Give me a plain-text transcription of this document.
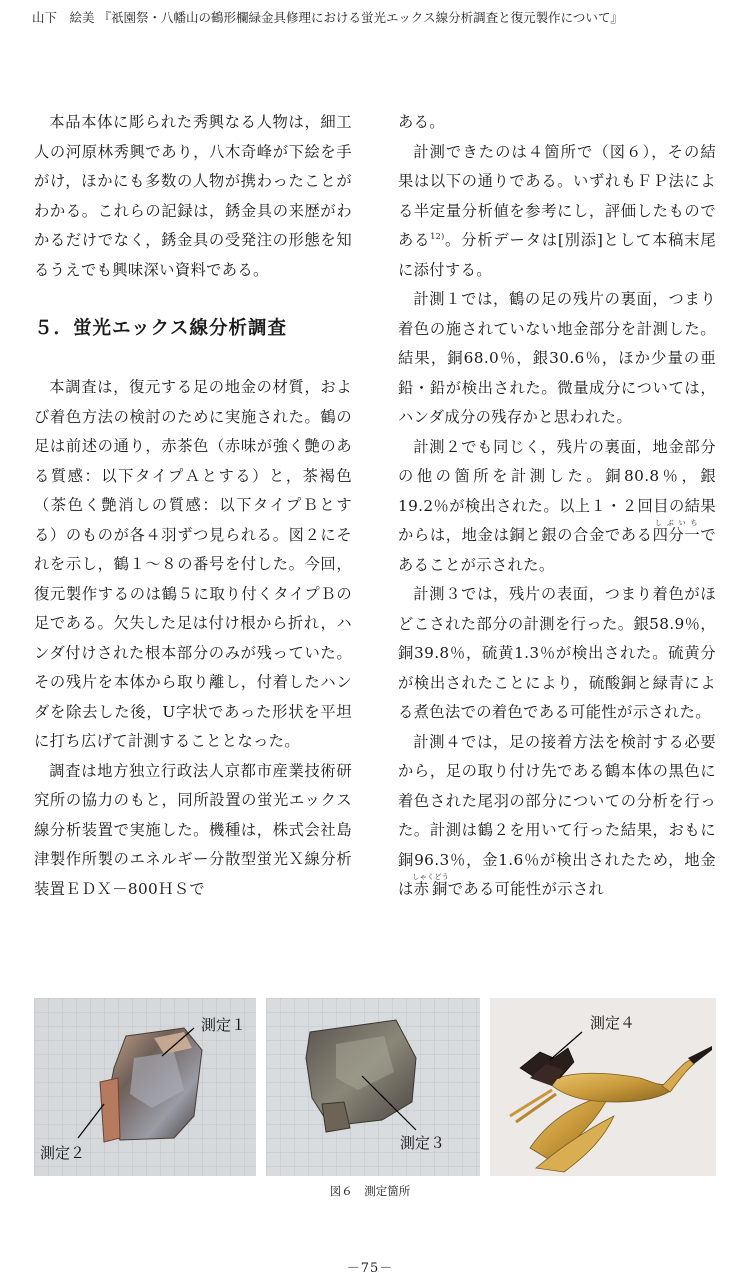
山下　絵美 『祇園祭・八幡山の鶴形欄緑金具修理における蛍光エックス線分析調査と復元製作について』

本品本体に彫られた秀興なる人物は，細工人の河原林秀興であり，八木奇峰が下絵を手がけ，ほかにも多数の人物が携わったことがわかる。これらの記録は，銹金具の来歴がわかるだけでなく，銹金具の受発注の形態を知るうえでも興味深い資料である。

５．蛍光エックス線分析調査

本調査は，復元する足の地金の材質，および着色方法の検討のために実施された。鶴の足は前述の通り，赤茶色（赤味が強く艶のある質感：以下タイプＡとする）と，茶褐色（茶色く艶消しの質感：以下タイプＢとする）のものが各４羽ずつ見られる。図２にそれを示し，鶴１～８の番号を付した。今回，復元製作するのは鶴５に取り付くタイプＢの足である。欠失した足は付け根から折れ，ハンダ付けされた根本部分のみが残っていた。その残片を本体から取り離し，付着したハンダを除去した後，U字状であった形状を平坦に打ち広げて計測することとなった。

調査は地方独立行政法人京都市産業技術研究所の協力のもと，同所設置の蛍光エックス線分析装置で実施した。機種は，株式会社島津製作所製のエネルギー分散型蛍光Ｘ線分析装置ＥＤＸ－800ＨＳで

ある。

計測できたのは４箇所で（図６），その結果は以下の通りである。いずれもＦＰ法による半定量分析値を参考にし，評価したものである$^{12)}$。分析データは[別添]として本稿末尾に添付する。

計測１では，鶴の足の残片の裏面，つまり着色の施されていない地金部分を計測した。結果，銅68.0％，銀30.6％，ほか少量の亜鉛・鉛が検出された。微量成分については，ハンダ成分の残存かと思われた。

計測２でも同じく，残片の裏面，地金部分の他の箇所を計測した。銅80.8％，銀19.2％が検出された。以上１・２回目の結果からは，地金は銅と銀の合金である四分一しぶいちであることが示された。

計測３では，残片の表面，つまり着色がほどこされた部分の計測を行った。銀58.9％，銅39.8％，硫黄1.3％が検出された。硫黄分が検出されたことにより，硫酸銅と緑青による煮色法での着色である可能性が示された。

計測４では，足の接着方法を検討する必要から，足の取り付け先である鶴本体の黒色に着色された尾羽の部分についての分析を行った。計測は鶴２を用いて行った結果，おもに銅96.3％，金1.6％が検出されたため，地金は赤銅しゃくどうである可能性が示され

測定１
測定２
測定３
測定４
図６　測定箇所
－75－
